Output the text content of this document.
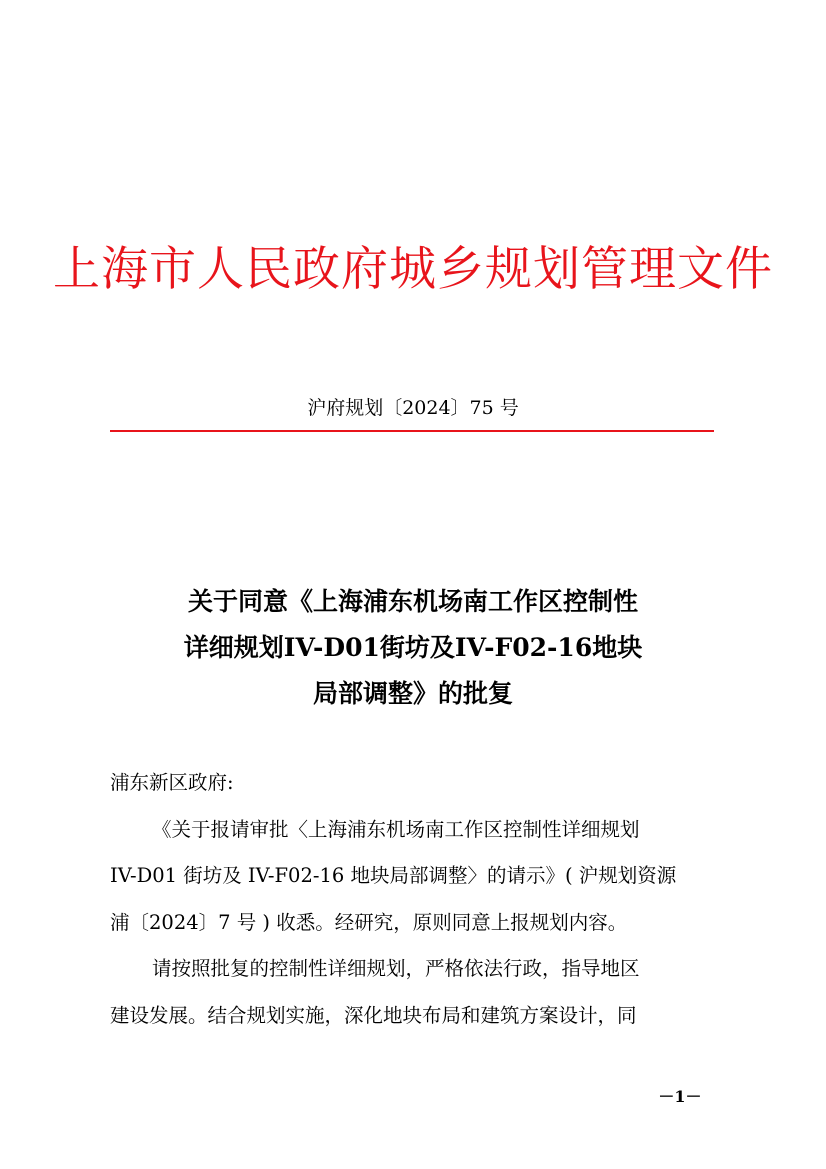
上海市人民政府城乡规划管理文件
沪府规划〔2024〕75 号
关于同意《上海浦东机场南工作区控制性
详细规划IV-D01街坊及IV-F02-16地块
局部调整》的批复
浦东新区政府:
《关于报请审批〈上海浦东机场南工作区控制性详细规划
IV-D01 街坊及 IV-F02-16 地块局部调整〉的请示》( 沪规划资源
浦〔2024〕7 号 ) 收悉。经研究，原则同意上报规划内容。
请按照批复的控制性详细规划，严格依法行政，指导地区
建设发展。结合规划实施，深化地块布局和建筑方案设计，同
－1－
